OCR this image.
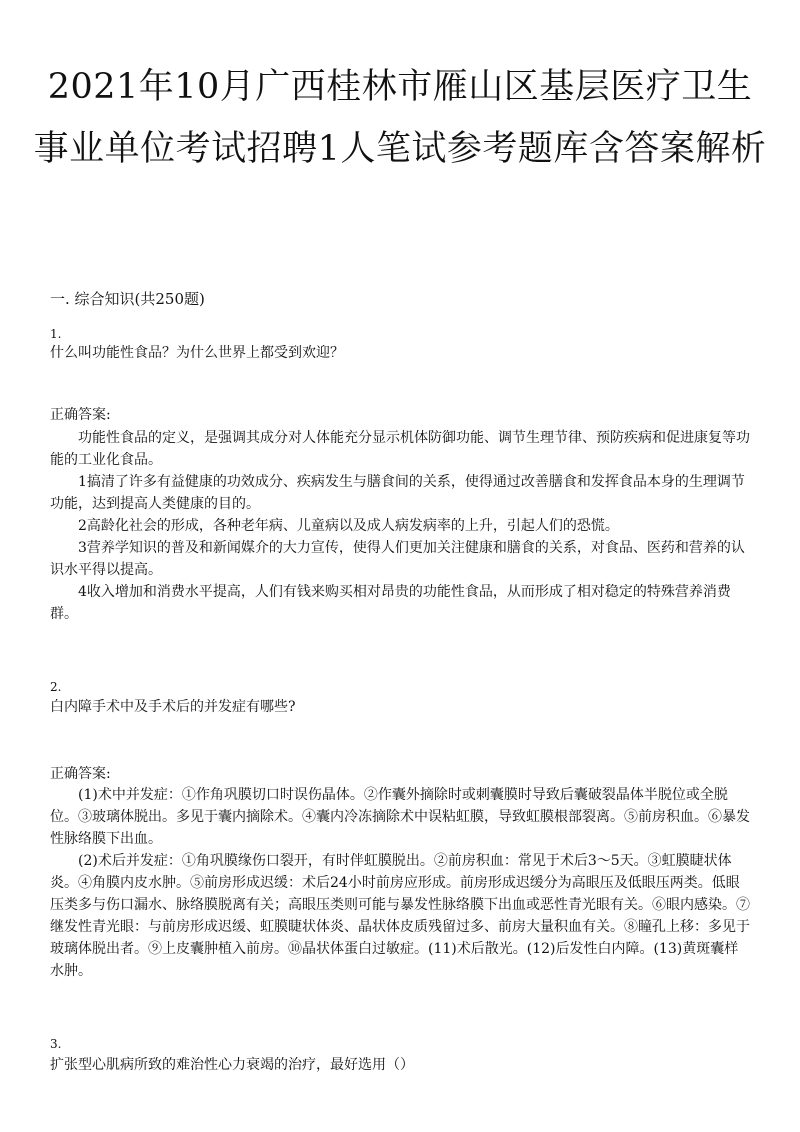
2021年10月广西桂林市雁山区基层医疗卫生事业单位考试招聘1人笔试参考题库含答案解析
一. 综合知识(共250题)
1.
什么叫功能性食品？为什么世界上都受到欢迎？
正确答案:

功能性食品的定义，是强调其成分对人体能充分显示机体防御功能、调节生理节律、预防疾病和促进康复等功能的工业化食品。

1搞清了许多有益健康的功效成分、疾病发生与膳食间的关系，使得通过改善膳食和发挥食品本身的生理调节功能，达到提高人类健康的目的。

2高龄化社会的形成，各种老年病、儿童病以及成人病发病率的上升，引起人们的恐慌。

3营养学知识的普及和新闻媒介的大力宣传，使得人们更加关注健康和膳食的关系，对食品、医药和营养的认识水平得以提高。

4收入增加和消费水平提高，人们有钱来购买相对昂贵的功能性食品，从而形成了相对稳定的特殊营养消费群。

2.
白内障手术中及手术后的并发症有哪些?
正确答案:

(1)术中并发症：①作角巩膜切口时误伤晶体。②作囊外摘除时或刺囊膜时导致后囊破裂晶体半脱位或全脱位。③玻璃体脱出。多见于囊内摘除术。④囊内冷冻摘除术中误粘虹膜，导致虹膜根部裂离。⑤前房积血。⑥暴发性脉络膜下出血。

(2)术后并发症：①角巩膜缘伤口裂开，有时伴虹膜脱出。②前房积血：常见于术后3～5天。③虹膜睫状体炎。④角膜内皮水肿。⑤前房形成迟缓：术后24小时前房应形成。前房形成迟缓分为高眼压及低眼压两类。低眼压类多与伤口漏水、脉络膜脱离有关；高眼压类则可能与暴发性脉络膜下出血或恶性青光眼有关。⑥眼内感染。⑦继发性青光眼：与前房形成迟缓、虹膜睫状体炎、晶状体皮质残留过多、前房大量积血有关。⑧瞳孔上移：多见于玻璃体脱出者。⑨上皮囊肿植入前房。⑩晶状体蛋白过敏症。(11)术后散光。(12)后发性白内障。(13)黄斑囊样水肿。

3.
扩张型心肌病所致的难治性心力衰竭的治疗，最好选用（）
